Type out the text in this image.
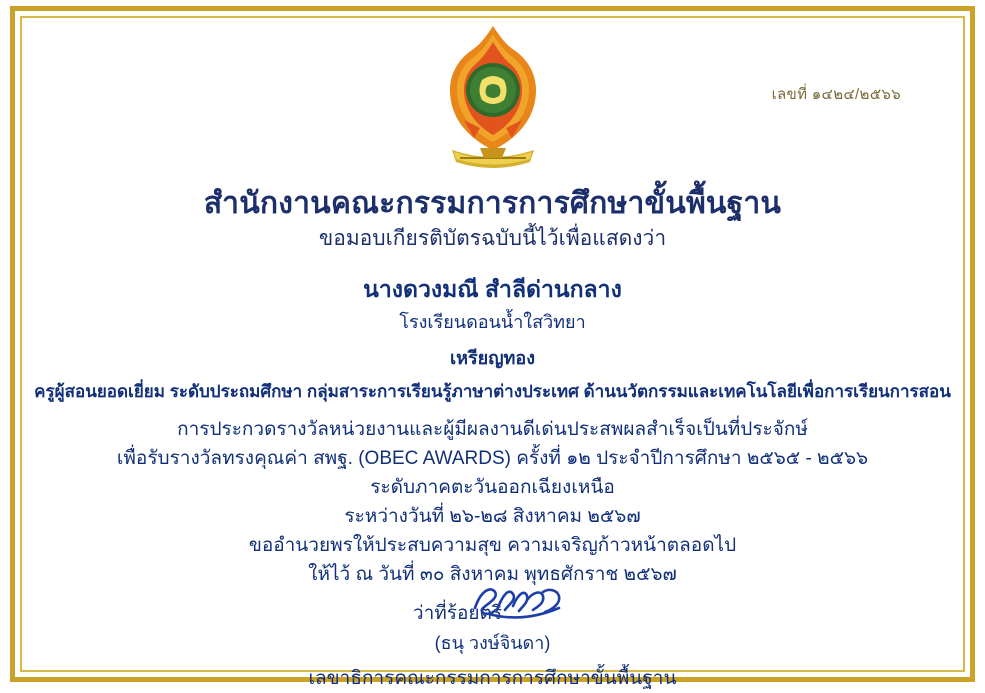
เลขที่ ๑๔๒๔/๒๕๖๖
สำนักงานคณะกรรมการการศึกษาขั้นพื้นฐาน
ขอมอบเกียรติบัตรฉบับนี้ไว้เพื่อแสดงว่า
นางดวงมณี สำลีด่านกลาง
โรงเรียนดอนน้ำใสวิทยา
เหรียญทอง
ครูผู้สอนยอดเยี่ยม ระดับประถมศึกษา กลุ่มสาระการเรียนรู้ภาษาต่างประเทศ ด้านนวัตกรรมและเทคโนโลยีเพื่อการเรียนการสอน
การประกวดรางวัลหน่วยงานและผู้มีผลงานดีเด่นประสพผลสำเร็จเป็นที่ประจักษ์
เพื่อรับรางวัลทรงคุณค่า สพฐ. (OBEC AWARDS) ครั้งที่ ๑๒ ประจำปีการศึกษา ๒๕๖๕ - ๒๕๖๖
ระดับภาคตะวันออกเฉียงเหนือ
ระหว่างวันที่ ๒๖-๒๘ สิงหาคม ๒๕๖๗
ขออำนวยพรให้ประสบความสุข ความเจริญก้าวหน้าตลอดไป
ให้ไว้ ณ วันที่ ๓๐ สิงหาคม พุทธศักราช ๒๕๖๗
ว่าที่ร้อยตรี
(ธนุ วงษ์จินดา)
เลขาธิการคณะกรรมการการศึกษาขั้นพื้นฐาน
